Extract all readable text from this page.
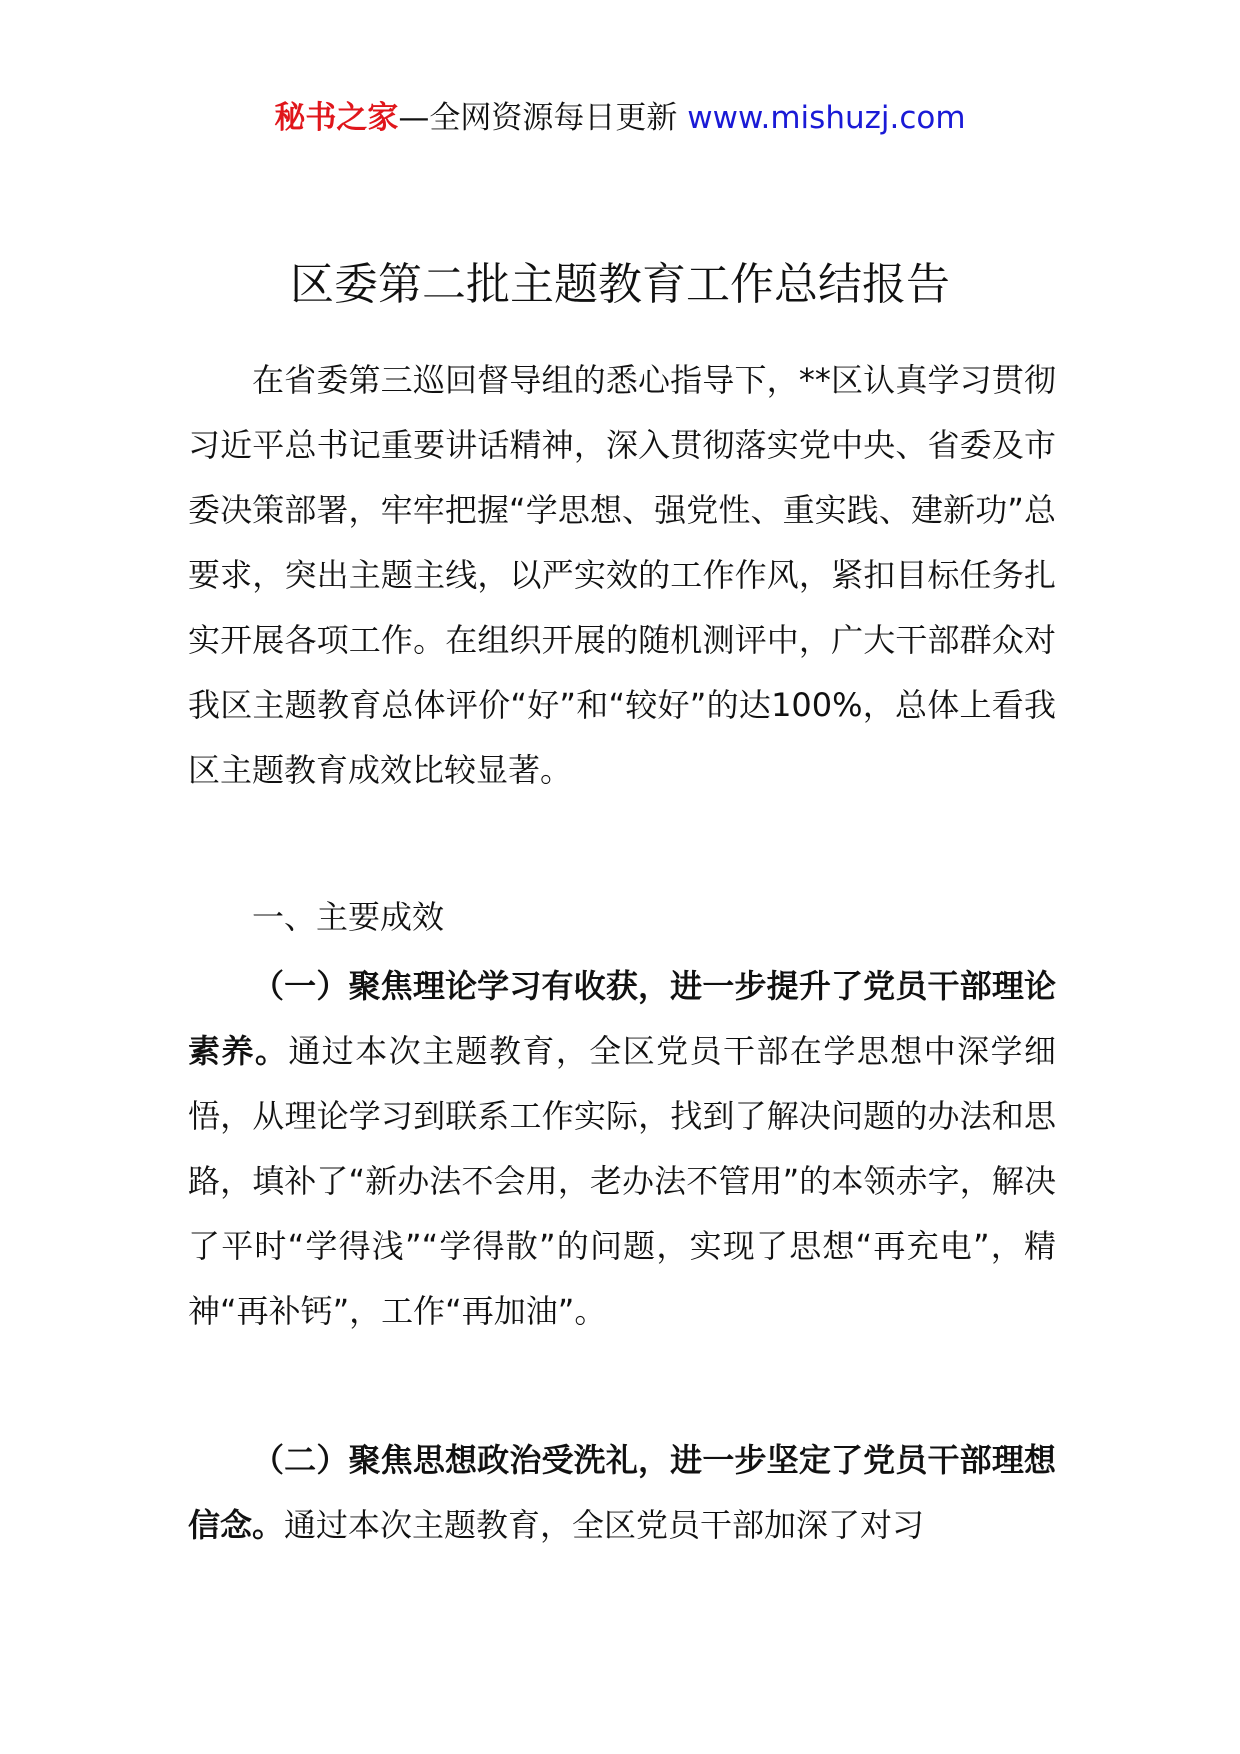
秘书之家—全网资源每日更新 www.mishuzj.com
区委第二批主题教育工作总结报告

在省委第三巡回督导组的悉心指导下，**区认真学习贯彻习近平总书记重要讲话精神，深入贯彻落实党中央、省委及市委决策部署，牢牢把握“学思想、强党性、重实践、建新功”总要求，突出主题主线，以严实效的工作作风，紧扣目标任务扎实开展各项工作。在组织开展的随机测评中，广大干部群众对我区主题教育总体评价“好”和“较好”的达100%，总体上看我区主题教育成效比较显著。

一、主要成效

（一）聚焦理论学习有收获，进一步提升了党员干部理论素养。通过本次主题教育，全区党员干部在学思想中深学细悟，从理论学习到联系工作实际，找到了解决问题的办法和思路，填补了“新办法不会用，老办法不管用”的本领赤字，解决了平时“学得浅”“学得散”的问题，实现了思想“再充电”，精神“再补钙”，工作“再加油”。

（二）聚焦思想政治受洗礼，进一步坚定了党员干部理想信念。通过本次主题教育，全区党员干部加深了对习
